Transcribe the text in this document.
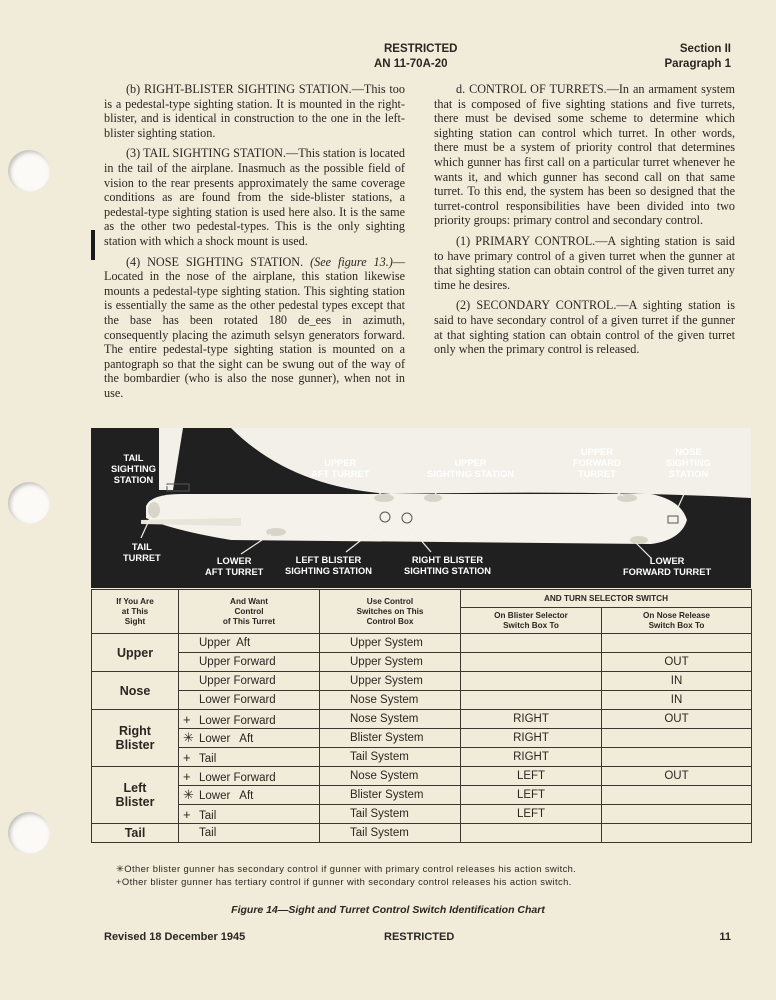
RESTRICTED
AN 11-70A-20
Section II
Paragraph 1

(b) RIGHT-BLISTER SIGHTING STATION.—This too is a pedestal-type sighting station. It is mounted in the right-blister, and is identical in construction to the one in the left-blister sighting station.

(3) TAIL SIGHTING STATION.—This station is located in the tail of the airplane. Inasmuch as the possible field of vision to the rear presents approximately the same coverage conditions as are found from the side-blister stations, a pedestal-type sighting station is used here also. It is the same as the other two pedestal-types. This is the only sighting station with which a shock mount is used.

(4) NOSE SIGHTING STATION. (See figure 13.)—Located in the nose of the airplane, this station likewise mounts a pedestal-type sighting station. This sighting station is essentially the same as the other pedestal types except that the base has been rotated 180 de_ees in azimuth, consequently placing the azimuth selsyn generators forward. The entire pedestal-type sighting station is mounted on a pantograph so that the sight can be swung out of the way of the bombardier (who is also the nose gunner), when not in use.

d. CONTROL OF TURRETS.—In an armament system that is composed of five sighting stations and five turrets, there must be devised some scheme to determine which sighting station can control which turret. In other words, there must be a system of priority control that determines which gunner has first call on a particular turret whenever he wants it, and which gunner has second call on that same turret. To this end, the system has been so designed that the turret-control responsibilities have been divided into two priority groups: primary control and secondary control.

(1) PRIMARY CONTROL.—A sighting station is said to have primary control of a given turret when the gunner at that sighting station can obtain control of the given turret any time he desires.

(2) SECONDARY CONTROL.—A sighting station is said to have secondary control of a given turret if the gunner at that sighting station can obtain control of the given turret only when the primary control is released.

TAIL
SIGHTING
STATION
TAIL
TURRET
UPPER
AFT TURRET
UPPER
SIGHTING STATION
UPPER
FORWARD
TURRET
NOSE
SIGHTING
STATION
LOWER
AFT TURRET
LEFT BLISTER
SIGHTING STATION
RIGHT BLISTER
SIGHTING STATION
LOWER
FORWARD TURRET
If You Are
at This
Sight	And Want
Control
of This Turret	Use Control
Switches on This
Control Box	AND TURN SELECTOR SWITCH	
			On Blister Selector
Switch Box To	On Nose Release
Switch Box To
Upper	Upper  Aft	Upper System		
	Upper Forward	Upper System		OUT
Nose	Upper Forward	Upper System		IN
	Lower Forward	Nose System		IN
Right
Blister	+ Lower Forward	Nose System	RIGHT	OUT
	✳ Lower   Aft	Blister System	RIGHT	
	+ Tail	Tail System	RIGHT	
Left
Blister	+ Lower Forward	Nose System	LEFT	OUT
	✳ Lower   Aft	Blister System	LEFT	
	+ Tail	Tail System	LEFT	
Tail	Tail	Tail System		
✳Other blister gunner has secondary control if gunner with primary control releases his action switch.
+Other blister gunner has tertiary control if gunner with secondary control releases his action switch.
Figure 14—Sight and Turret Control Switch Identification Chart
Revised 18 December 1945	RESTRICTED	11
